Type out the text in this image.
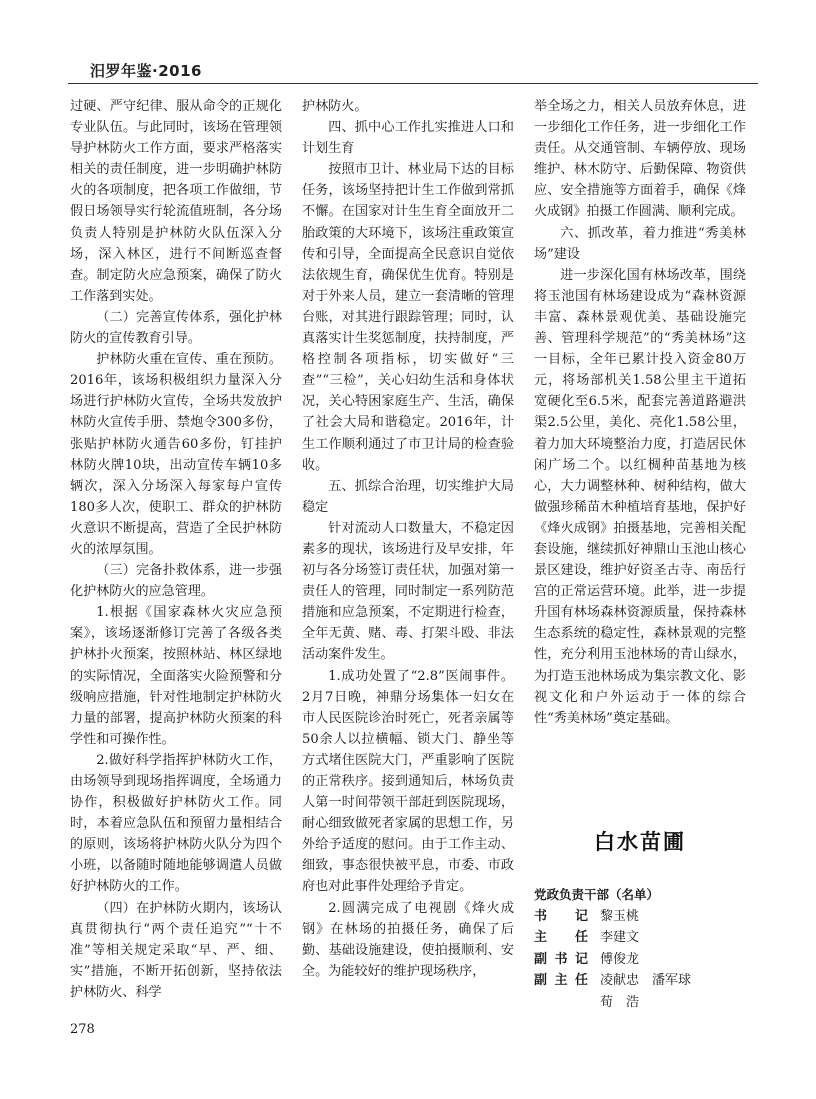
汨罗年鉴·2016

过硬、严守纪律、服从命令的正规化专业队伍。与此同时，该场在管理领导护林防火工作方面，要求严格落实相关的责任制度，进一步明确护林防火的各项制度，把各项工作做细，节假日场领导实行轮流值班制，各分场负责人特别是护林防火队伍深入分场，深入林区，进行不间断巡查督查。制定防火应急预案，确保了防火工作落到实处。

（二）完善宣传体系，强化护林防火的宣传教育引导。

护林防火重在宣传、重在预防。2016年，该场积极组织力量深入分场进行护林防火宣传，全场共发放护林防火宣传手册、禁炮令300多份，张贴护林防火通告60多份，钉挂护林防火牌10块，出动宣传车辆10多辆次，深入分场深入每家每户宣传180多人次，使职工、群众的护林防火意识不断提高，营造了全民护林防火的浓厚氛围。

（三）完备扑救体系，进一步强化护林防火的应急管理。

1.根据《国家森林火灾应急预案》，该场逐渐修订完善了各级各类护林扑火预案，按照林站、林区绿地的实际情况，全面落实火险预警和分级响应措施，针对性地制定护林防火力量的部署，提高护林防火预案的科学性和可操作性。

2.做好科学指挥护林防火工作，由场领导到现场指挥调度，全场通力协作，积极做好护林防火工作。同时，本着应急队伍和预留力量相结合的原则，该场将护林防火队分为四个小班，以备随时随地能够调遣人员做好护林防火的工作。

（四）在护林防火期内，该场认真贯彻执行“两个责任追究”“十不准”等相关规定采取“早、严、细、实”措施，不断开拓创新，坚持依法护林防火、科学

护林防火。

四、抓中心工作扎实推进人口和计划生育

按照市卫计、林业局下达的目标任务，该场坚持把计生工作做到常抓不懈。在国家对计生生育全面放开二胎政策的大环境下，该场注重政策宣传和引导，全面提高全民意识自觉依法依规生育，确保优生优育。特别是对于外来人员，建立一套清晰的管理台账，对其进行跟踪管理；同时，认真落实计生奖惩制度，扶持制度，严格控制各项指标，切实做好“三查”“三检”，关心妇幼生活和身体状况，关心特困家庭生产、生活，确保了社会大局和谐稳定。2016年，计生工作顺利通过了市卫计局的检查验收。

五、抓综合治理，切实维护大局稳定

针对流动人口数量大，不稳定因素多的现状，该场进行及早安排，年初与各分场签订责任状，加强对第一责任人的管理，同时制定一系列防范措施和应急预案，不定期进行检查，全年无黄、赌、毒、打架斗殴、非法活动案件发生。

1.成功处置了“2.8”医闹事件。2月7日晚，神鼎分场集体一妇女在市人民医院诊治时死亡，死者亲属等50余人以拉横幅、锁大门、静坐等方式堵住医院大门，严重影响了医院的正常秩序。接到通知后，林场负责人第一时间带领干部赶到医院现场，耐心细致做死者家属的思想工作，另外给予适度的慰问。由于工作主动、细致，事态很快被平息，市委、市政府也对此事件处理给予肯定。

2.圆满完成了电视剧《烽火成钢》在林场的拍摄任务，确保了后勤、基础设施建设，使拍摄顺利、安全。为能较好的维护现场秩序，

举全场之力，相关人员放弃休息，进一步细化工作任务，进一步细化工作责任。从交通管制、车辆停放、现场维护、林木防守、后勤保障、物资供应、安全措施等方面着手，确保《烽火成钢》拍摄工作圆满、顺利完成。

六、抓改革，着力推进“秀美林场”建设

进一步深化国有林场改革，围绕将玉池国有林场建设成为“森林资源丰富、森林景观优美、基础设施完善、管理科学规范”的“秀美林场”这一目标，全年已累计投入资金80万元，将场部机关1.58公里主干道拓宽硬化至6.5米，配套完善道路避洪渠2.5公里，美化、亮化1.58公里，着力加大环境整治力度，打造居民休闲广场二个。以红椆种苗基地为核心，大力调整林种、树种结构，做大做强珍稀苗木种植培育基地，保护好《烽火成钢》拍摄基地，完善相关配套设施，继续抓好神鼎山玉池山核心景区建设，维护好资圣古寺、南岳行宫的正常运营环境。此举，进一步提升国有林场森林资源质量，保持森林生态系统的稳定性，森林景观的完整性，充分利用玉池林场的青山绿水，为打造玉池林场成为集宗教文化、影视文化和户外运动于一体的综合性“秀美林场”奠定基础。

白水苗圃
党政负责干部（名单）
书 记 黎玉桃
主 任 李建文
副 书 记 傅俊龙
副 主 任 凌献忠　潘军球
荀　浩
278
